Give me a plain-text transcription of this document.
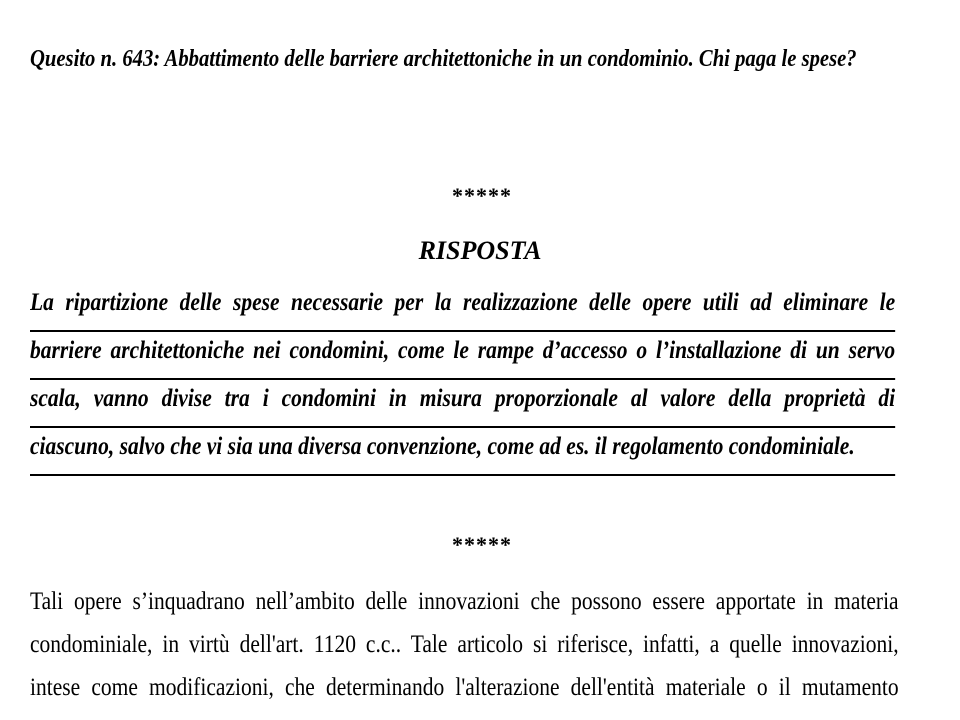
Quesito n. 643: Abbattimento delle barriere architettoniche in un condominio. Chi paga le spese?
*****
RISPOSTA
La ripartizione delle spese necessarie per la realizzazione delle opere utili ad eliminare le
barriere architettoniche nei condomini, come le rampe d’accesso o l’installazione di un servo
scala, vanno divise tra i condomini in misura proporzionale al valore della proprietà di
ciascuno, salvo che vi sia una diversa convenzione, come ad es. il regolamento condominiale.
*****
Tali opere s’inquadrano nell’ambito delle innovazioni che possono essere apportate in materia
condominiale, in virtù dell'art. 1120 c.c.. Tale articolo si riferisce, infatti, a quelle innovazioni,
intese come modificazioni, che determinando l'alterazione dell'entità materiale o il mutamento
